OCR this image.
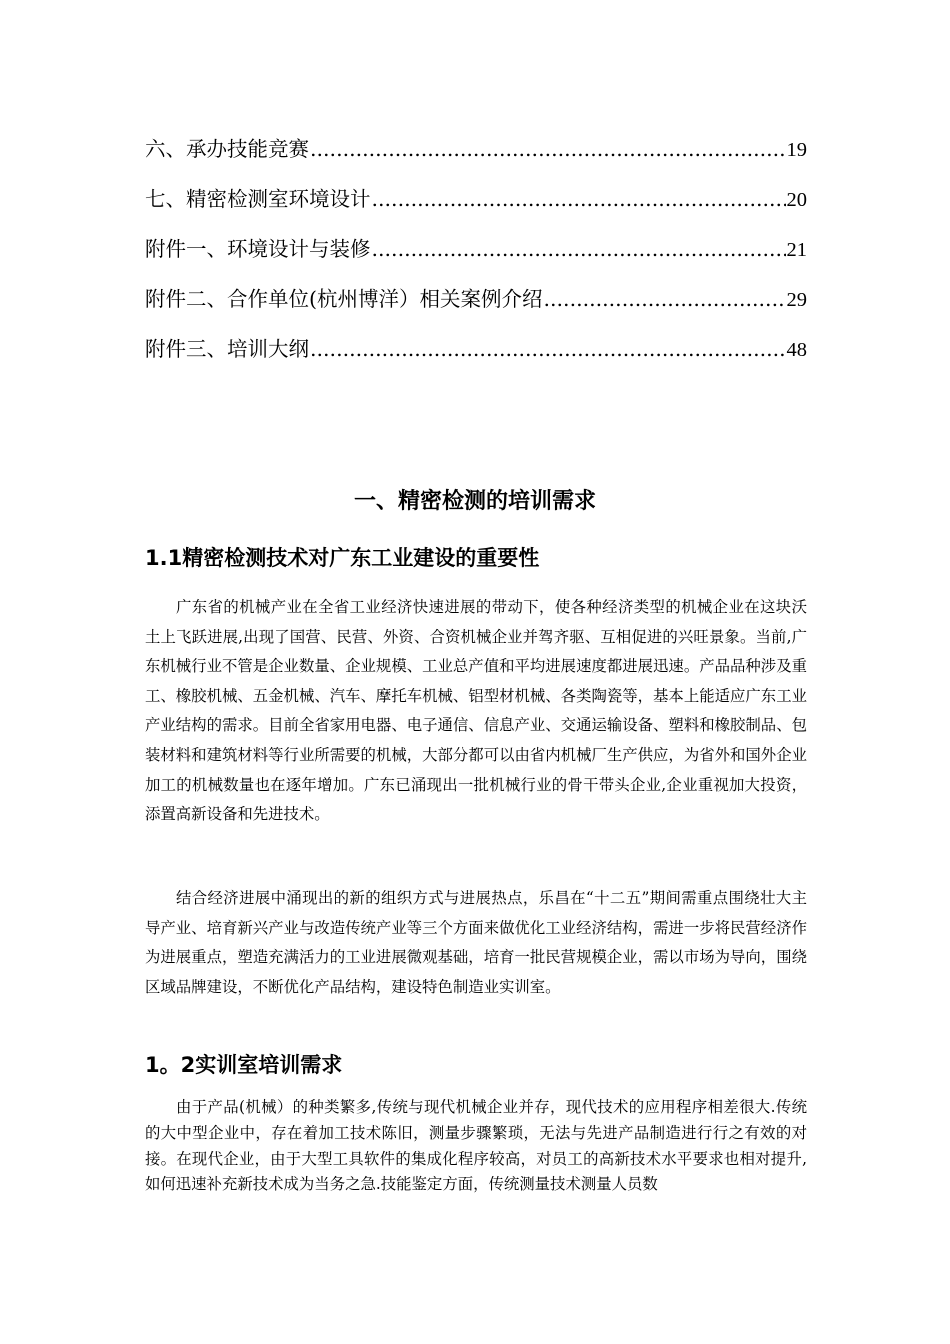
六、承办技能竞赛 .....	19
七、精密检测室环境设计 .....	20
附件一、环境设计与装修 .....	21
附件二、合作单位(杭州博洋）相关案例介绍 .....	29
附件三、培训大纲 .....	48
一、精密检测的培训需求
1.1精密检测技术对广东工业建设的重要性

广东省的机械产业在全省工业经济快速进展的带动下，使各种经济类型的机械企业在这块沃土上飞跃进展,出现了国营、民营、外资、合资机械企业并驾齐驱、互相促进的兴旺景象。当前,广东机械行业不管是企业数量、企业规模、工业总产值和平均进展速度都进展迅速。产品品种涉及重工、橡胶机械、五金机械、汽车、摩托车机械、铝型材机械、各类陶瓷等，基本上能适应广东工业产业结构的需求。目前全省家用电器、电子通信、信息产业、交通运输设备、塑料和橡胶制品、包装材料和建筑材料等行业所需要的机械，大部分都可以由省内机械厂生产供应，为省外和国外企业加工的机械数量也在逐年增加。广东已涌现出一批机械行业的骨干带头企业,企业重视加大投资，添置高新设备和先进技术。

结合经济进展中涌现出的新的组织方式与进展热点，乐昌在“十二五”期间需重点围绕壮大主导产业、培育新兴产业与改造传统产业等三个方面来做优化工业经济结构，需进一步将民营经济作为进展重点，塑造充满活力的工业进展微观基础，培育一批民营规模企业，需以市场为导向，围绕区域品牌建设，不断优化产品结构，建设特色制造业实训室。

1。2实训室培训需求

由于产品(机械）的种类繁多,传统与现代机械企业并存，现代技术的应用程序相差很大.传统的大中型企业中，存在着加工技术陈旧，测量步骤繁琐，无法与先进产品制造进行行之有效的对接。在现代企业，由于大型工具软件的集成化程序较高，对员工的高新技术水平要求也相对提升,如何迅速补充新技术成为当务之急.技能鉴定方面，传统测量技术测量人员数
